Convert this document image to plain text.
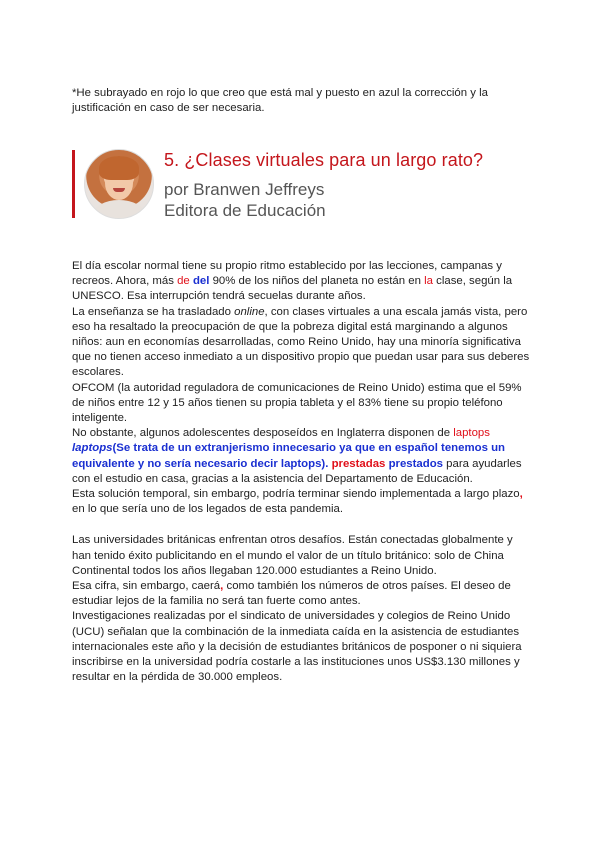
*He subrayado en rojo lo que creo que está mal y puesto en azul la corrección y la justificación en caso de ser necesaria.
5. ¿Clases virtuales para un largo rato?
por Branwen Jeffreys
Editora de Educación

El día escolar normal tiene su propio ritmo establecido por las lecciones, campanas y recreos. Ahora, más de del 90% de los niños del planeta no están en la clase, según la UNESCO. Esa interrupción tendrá secuelas durante años.

La enseñanza se ha trasladado online, con clases virtuales a una escala jamás vista, pero eso ha resaltado la preocupación de que la pobreza digital está marginando a algunos niños: aun en economías desarrolladas, como Reino Unido, hay una minoría significativa que no tienen acceso inmediato a un dispositivo propio que puedan usar para sus deberes escolares.

OFCOM (la autoridad reguladora de comunicaciones de Reino Unido) estima que el 59% de niños entre 12 y 15 años tienen su propia tableta y el 83% tiene su propio teléfono inteligente.

No obstante, algunos adolescentes desposeídos en Inglaterra disponen de laptops
laptops(Se trata de un extranjerismo innecesario ya que en español tenemos un equivalente y no sería necesario decir laptops). prestadas prestados para ayudarles con el estudio en casa, gracias a la asistencia del Departamento de Educación.

Esta solución temporal, sin embargo, podría terminar siendo implementada a largo plazo, en lo que sería uno de los legados de esta pandemia.

Las universidades británicas enfrentan otros desafíos. Están conectadas globalmente y han tenido éxito publicitando en el mundo el valor de un título británico: solo de China Continental todos los años llegaban 120.000 estudiantes a Reino Unido.

Esa cifra, sin embargo, caerá, como también los números de otros países. El deseo de estudiar lejos de la familia no será tan fuerte como antes.

Investigaciones realizadas por el sindicato de universidades y colegios de Reino Unido (UCU) señalan que la combinación de la inmediata caída en la asistencia de estudiantes internacionales este año y la decisión de estudiantes británicos de posponer o ni siquiera inscribirse en la universidad podría costarle a las instituciones unos US$3.130 millones y resultar en la pérdida de 30.000 empleos.
